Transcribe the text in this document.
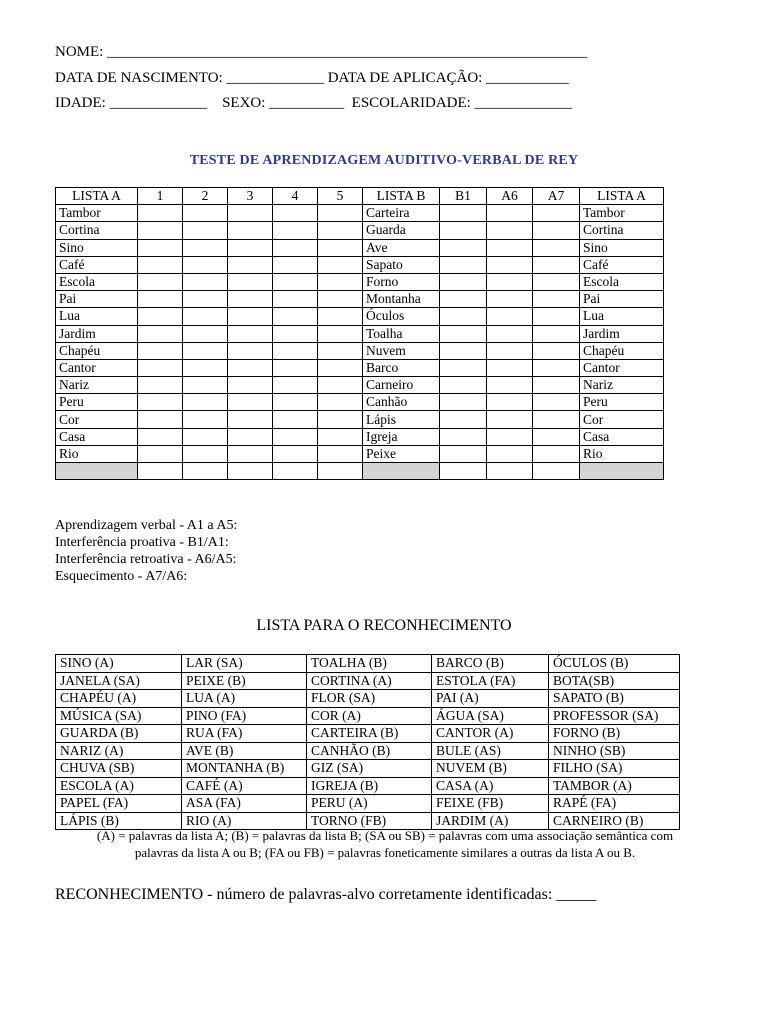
NOME: ________________________________________________________________
DATA DE NASCIMENTO: _____________ DATA DE APLICAÇÃO: ___________
IDADE: _____________    SEXO: __________  ESCOLARIDADE: _____________
TESTE DE APRENDIZAGEM AUDITIVO-VERBAL DE REY
LISTA A	1	2	3	4	5	LISTA B	B1	A6	A7	LISTA A
Tambor						Carteira				Tambor
Cortina						Guarda				Cortina
Sino						Ave				Sino
Café						Sapato				Café
Escola						Forno				Escola
Pai						Montanha				Pai
Lua						Óculos				Lua
Jardim						Toalha				Jardim
Chapéu						Nuvem				Chapéu
Cantor						Barco				Cantor
Nariz						Carneiro				Nariz
Peru						Canhão				Peru
Cor						Lápis				Cor
Casa						Igreja				Casa
Rio						Peixe				Rio

Aprendizagem verbal - A1 a A5:
Interferência proativa - B1/A1:
Interferência retroativa - A6/A5:
Esquecimento - A7/A6:
LISTA PARA O RECONHECIMENTO
SINO (A)	LAR (SA)	TOALHA (B)	BARCO (B)	ÓCULOS (B)
JANELA (SA)	PEIXE (B)	CORTINA (A)	ESTOLA (FA)	BOTA(SB)
CHAPÉU (A)	LUA (A)	FLOR (SA)	PAI (A)	SAPATO (B)
MÚSICA (SA)	PINO (FA)	COR (A)	ÁGUA (SA)	PROFESSOR (SA)
GUARDA (B)	RUA (FA)	CARTEIRA (B)	CANTOR (A)	FORNO (B)
NARIZ (A)	AVE (B)	CANHÃO (B)	BULE (AS)	NINHO (SB)
CHUVA (SB)	MONTANHA (B)	GIZ (SA)	NUVEM (B)	FILHO (SA)
ESCOLA (A)	CAFÉ (A)	IGREJA (B)	CASA (A)	TAMBOR (A)
PAPEL (FA)	ASA (FA)	PERU (A)	FEIXE (FB)	RAPÉ (FA)
LÁPIS (B)	RIO (A)	TORNO (FB)	JARDIM (A)	CARNEIRO (B)
(A) = palavras da lista A; (B) = palavras da lista B; (SA ou SB) = palavras com uma associação semântica com
palavras da lista A ou B; (FA ou FB) = palavras foneticamente similares a outras da lista A ou B.
RECONHECIMENTO - número de palavras-alvo corretamente identificadas: _____
